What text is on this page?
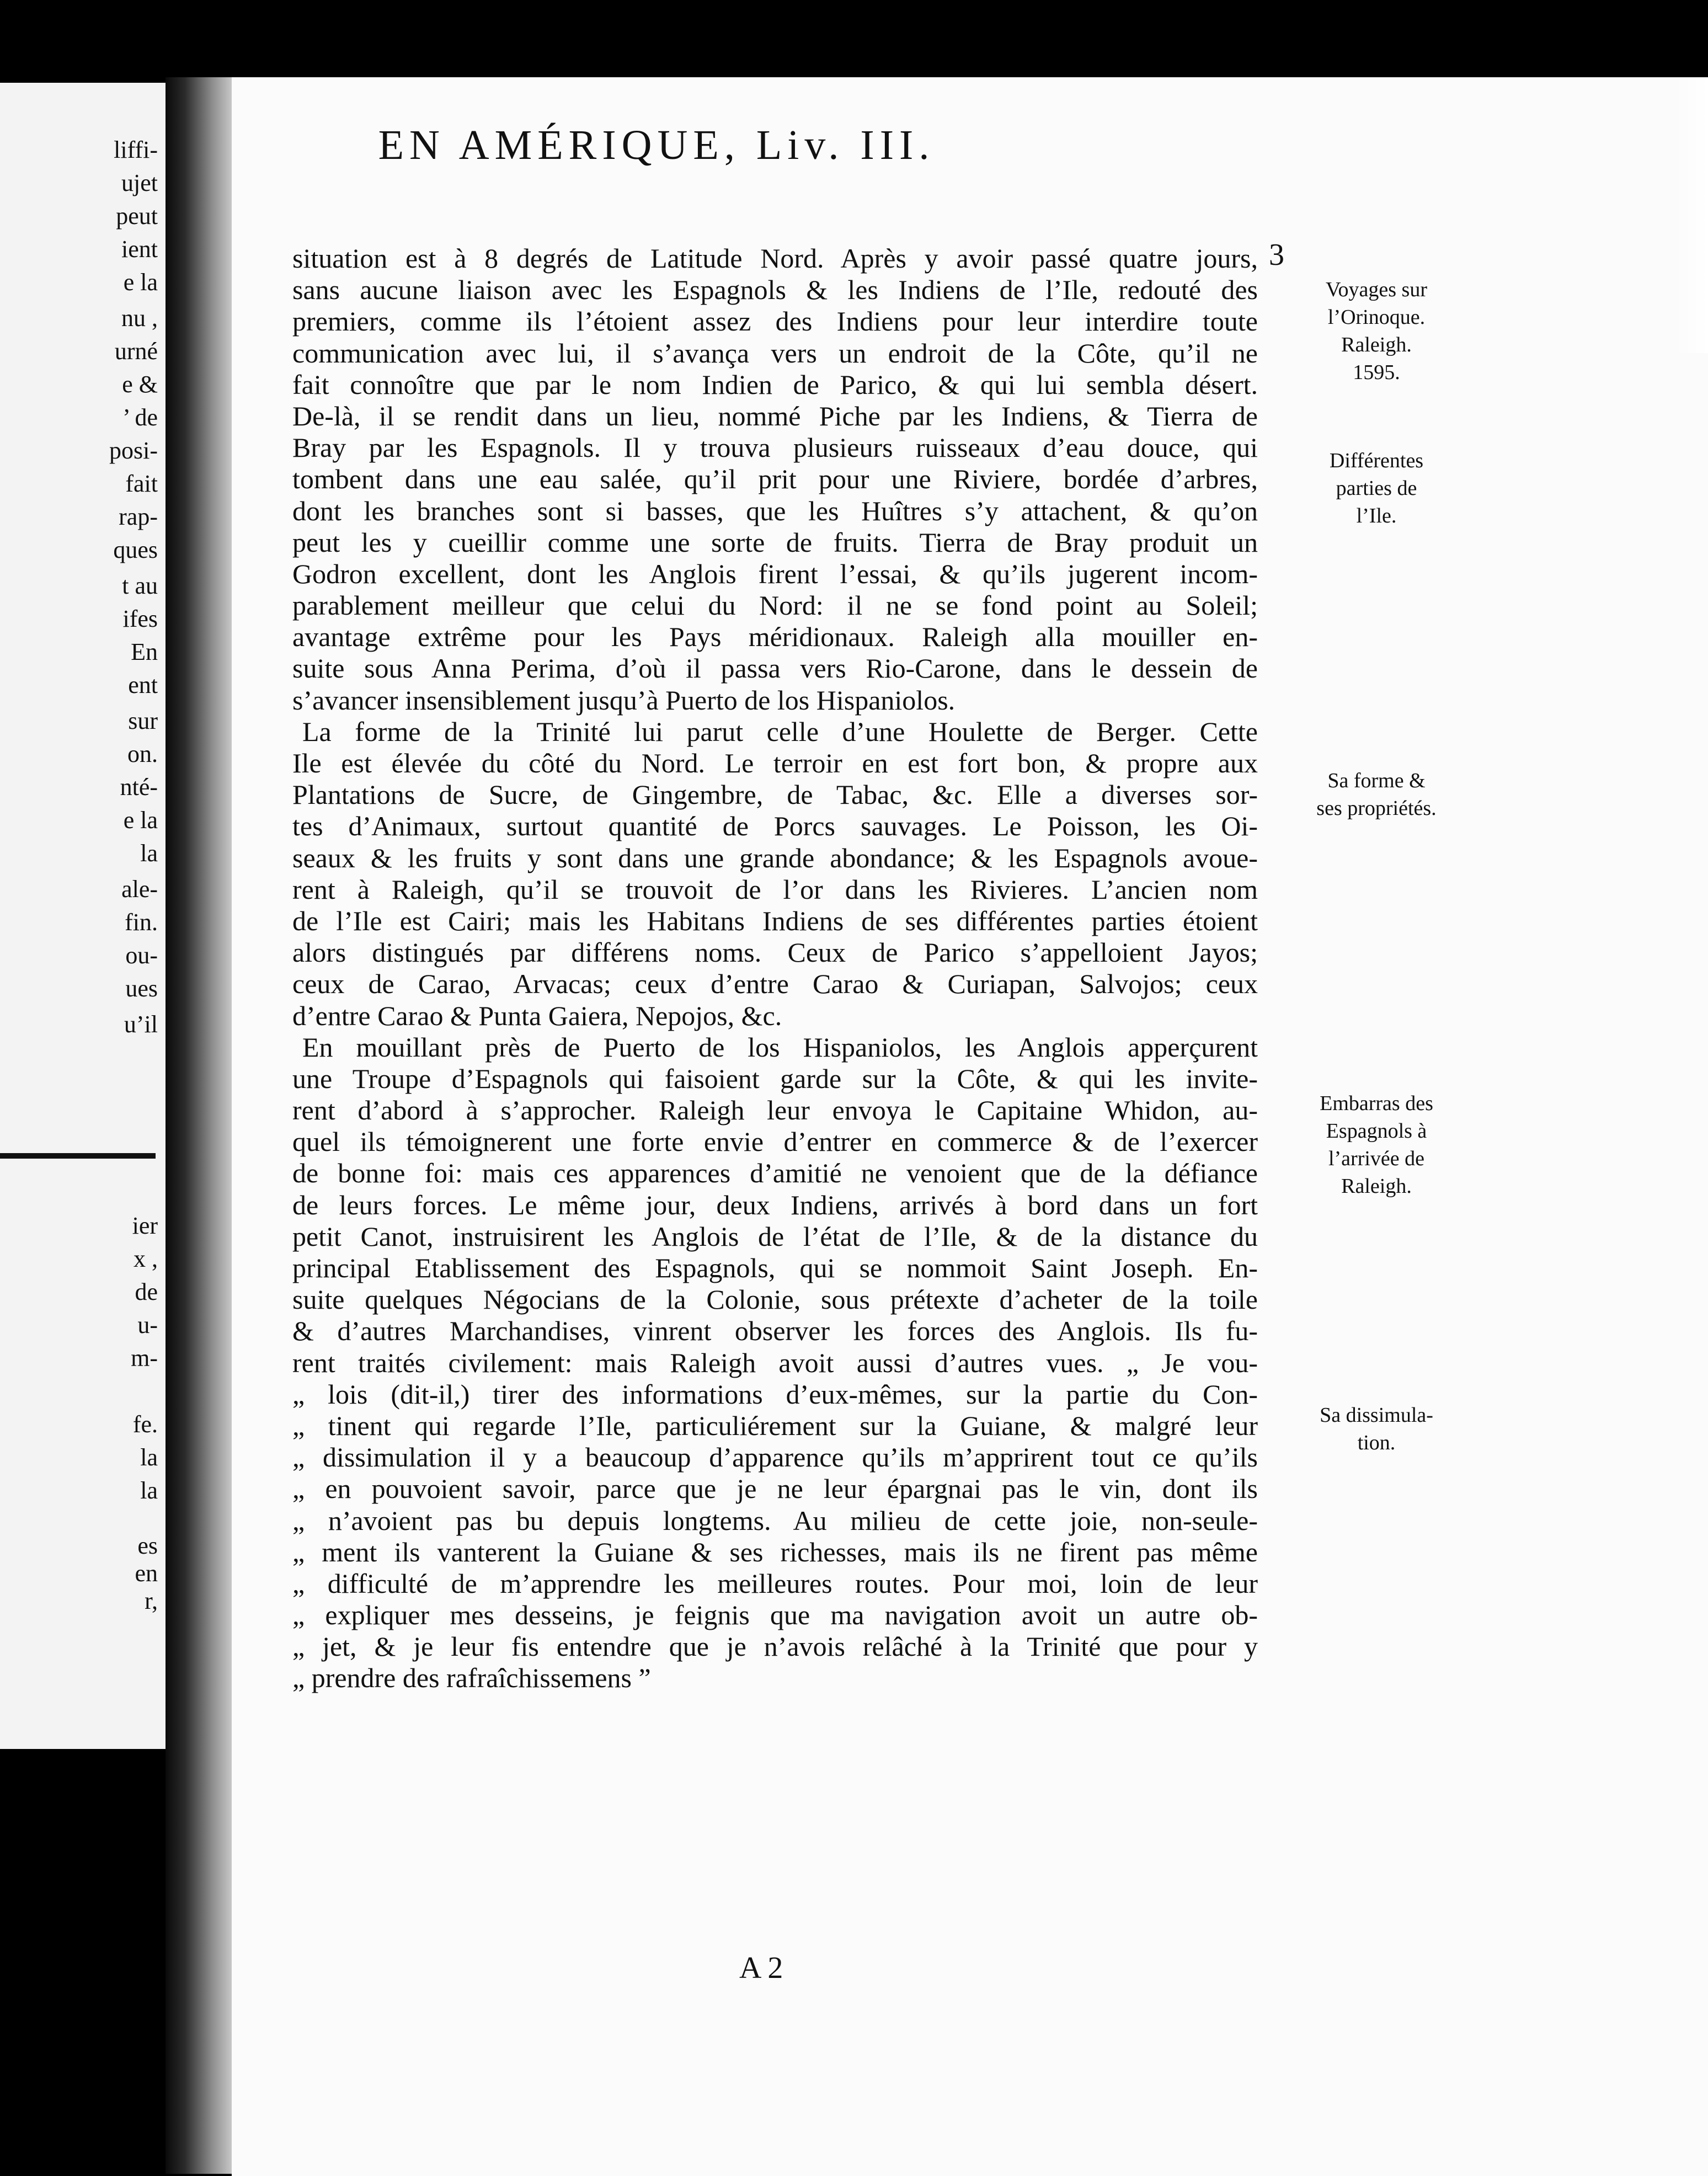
liffi-
ujet
peut
ient
e la
nu ,
urné
e &
’ de
posi-
fait
rap-
ques
t au
ifes
En
ent
sur
on.
nté-
e la
la
ale-
fin.
ou-
ues
u’il
ier
x ,
de
u-
m-
fe.
la
la
es
en
r,
EN AMÉRIQUE, Liv. III.
3
situation est à 8 degrés de Latitude Nord. Après y avoir passé quatre jours,
sans aucune liaison avec les Espagnols & les Indiens de l’Ile, redouté des
premiers, comme ils l’étoient assez des Indiens pour leur interdire toute
communication avec lui, il s’avança vers un endroit de la Côte, qu’il ne
fait connoître que par le nom Indien de Parico, & qui lui sembla désert.
De-là, il se rendit dans un lieu, nommé Piche par les Indiens, & Tierra de
Bray par les Espagnols. Il y trouva plusieurs ruisseaux d’eau douce, qui
tombent dans une eau salée, qu’il prit pour une Riviere, bordée d’arbres,
dont les branches sont si basses, que les Huîtres s’y attachent, & qu’on
peut les y cueillir comme une sorte de fruits. Tierra de Bray produit un
Godron excellent, dont les Anglois firent l’essai, & qu’ils jugerent incom-
parablement meilleur que celui du Nord: il ne se fond point au Soleil;
avantage extrême pour les Pays méridionaux. Raleigh alla mouiller en-
suite sous Anna Perima, d’où il passa vers Rio-Carone, dans le dessein de
s’avancer insensiblement jusqu’à Puerto de los Hispaniolos.
La forme de la Trinité lui parut celle d’une Houlette de Berger. Cette
Ile est élevée du côté du Nord. Le terroir en est fort bon, & propre aux
Plantations de Sucre, de Gingembre, de Tabac, &c. Elle a diverses sor-
tes d’Animaux, surtout quantité de Porcs sauvages. Le Poisson, les Oi-
seaux & les fruits y sont dans une grande abondance; & les Espagnols avoue-
rent à Raleigh, qu’il se trouvoit de l’or dans les Rivieres. L’ancien nom
de l’Ile est Cairi; mais les Habitans Indiens de ses différentes parties étoient
alors distingués par différens noms. Ceux de Parico s’appelloient Jayos;
ceux de Carao, Arvacas; ceux d’entre Carao & Curiapan, Salvojos; ceux
d’entre Carao & Punta Gaiera, Nepojos, &c.
En mouillant près de Puerto de los Hispaniolos, les Anglois apperçurent
une Troupe d’Espagnols qui faisoient garde sur la Côte, & qui les invite-
rent d’abord à s’approcher. Raleigh leur envoya le Capitaine Whidon, au-
quel ils témoignerent une forte envie d’entrer en commerce & de l’exercer
de bonne foi: mais ces apparences d’amitié ne venoient que de la défiance
de leurs forces. Le même jour, deux Indiens, arrivés à bord dans un fort
petit Canot, instruisirent les Anglois de l’état de l’Ile, & de la distance du
principal Etablissement des Espagnols, qui se nommoit Saint Joseph. En-
suite quelques Négocians de la Colonie, sous prétexte d’acheter de la toile
& d’autres Marchandises, vinrent observer les forces des Anglois. Ils fu-
rent traités civilement: mais Raleigh avoit aussi d’autres vues. „ Je vou-
„ lois (dit-il,) tirer des informations d’eux-mêmes, sur la partie du Con-
„ tinent qui regarde l’Ile, particuliérement sur la Guiane, & malgré leur
„ dissimulation il y a beaucoup d’apparence qu’ils m’apprirent tout ce qu’ils
„ en pouvoient savoir, parce que je ne leur épargnai pas le vin, dont ils
„ n’avoient pas bu depuis longtems. Au milieu de cette joie, non-seule-
„ ment ils vanterent la Guiane & ses richesses, mais ils ne firent pas même
„ difficulté de m’apprendre les meilleures routes. Pour moi, loin de leur
„ expliquer mes desseins, je feignis que ma navigation avoit un autre ob-
„ jet, & je leur fis entendre que je n’avois relâché à la Trinité que pour y
„ prendre des rafraîchissemens ”
Voyages sur
l’Orinoque.
Raleigh.
1595.
Différentes
parties de
l’Ile.
Sa forme &
ses propriétés.
Embarras des
Espagnols à
l’arrivée de
Raleigh.
Sa dissimula-
tion.
A 2
